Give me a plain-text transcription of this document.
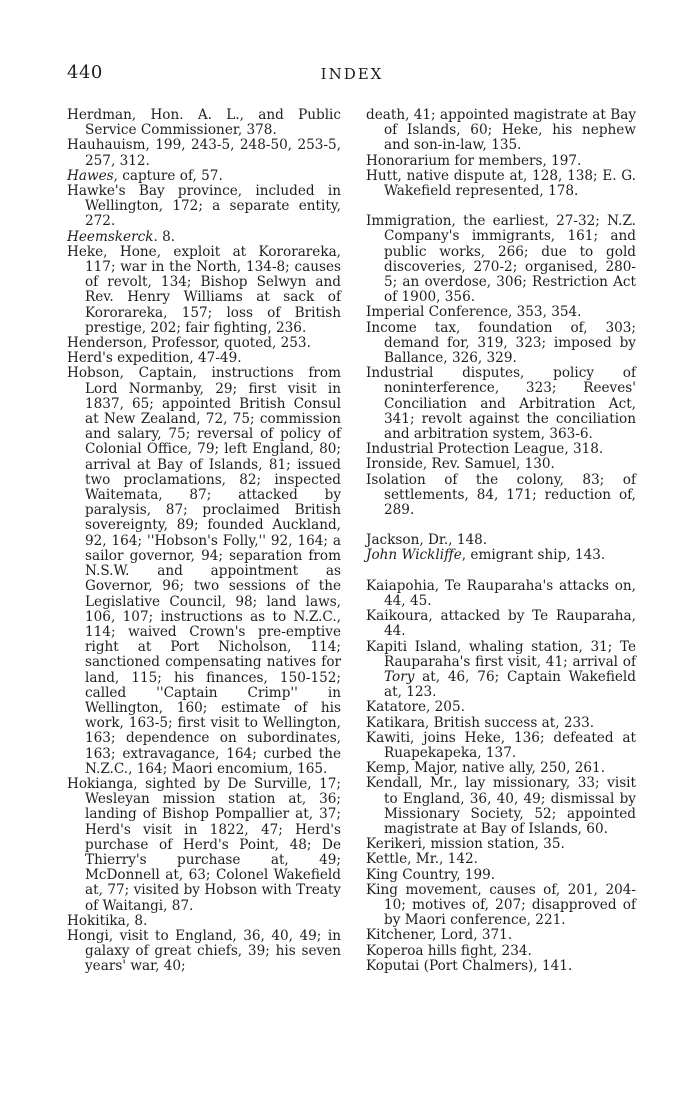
440	INDEX
Herdman, Hon. A. L., and Public Service Commissioner, 378.
Hauhauism, 199, 243-5, 248-50, 253-5, 257, 312.
Hawes, capture of, 57.
Hawke's Bay province, included in Wellington, 172; a separate entity, 272.
Heemskerck. 8.
Heke, Hone, exploit at Kororareka, 117; war in the North, 134-8; causes of revolt, 134; Bishop Selwyn and Rev. Henry Williams at sack of Kororareka, 157; loss of British prestige, 202; fair fighting, 236.
Henderson, Professor, quoted, 253.
Herd's expedition, 47-49.
Hobson, Captain, instructions from Lord Normanby, 29; first visit in 1837, 65; appointed British Consul at New Zealand, 72, 75; commission and salary, 75; reversal of policy of Colonial Office, 79; left England, 80; arrival at Bay of Islands, 81; issued two proclamations, 82; inspected Waitemata, 87; attacked by paralysis, 87; proclaimed British sovereignty, 89; founded Auckland, 92, 164; ''Hobson's Folly,'' 92, 164; a sailor governor, 94; separation from N.S.W. and appointment as Governor, 96; two sessions of the Legislative Council, 98; land laws, 106, 107; instructions as to N.Z.C., 114; waived Crown's pre-emptive right at Port Nicholson, 114; sanctioned compensating natives for land, 115; his finances, 150-152; called ''Captain Crimp'' in Wellington, 160; estimate of his work, 163-5; first visit to Wellington, 163; dependence on subordinates, 163; extravagance, 164; curbed the N.Z.C., 164; Maori encomium, 165.
Hokianga, sighted by De Surville, 17; Wesleyan mission station at, 36; landing of Bishop Pompallier at, 37; Herd's visit in 1822, 47; Herd's purchase of Herd's Point, 48; De Thierry's purchase at, 49; McDonnell at, 63; Colonel Wakefield at, 77; visited by Hobson with Treaty of Waitangi, 87.
Hokitika, 8.
Hongi, visit to England, 36, 40, 49; in galaxy of great chiefs, 39; his seven years' war, 40;
death, 41; appointed magistrate at Bay of Islands, 60; Heke, his nephew and son-in-law, 135.
Honorarium for members, 197.
Hutt, native dispute at, 128, 138; E. G. Wakefield represented, 178.
Immigration, the earliest, 27-32; N.Z. Company's immigrants, 161; and public works, 266; due to gold discoveries, 270-2; organised, 280-5; an overdose, 306; Restriction Act of 1900, 356.
Imperial Conference, 353, 354.
Income tax, foundation of, 303; demand for, 319, 323; imposed by Ballance, 326, 329.
Industrial disputes, policy of noninterference, 323; Reeves' Conciliation and Arbitration Act, 341; revolt against the conciliation and arbitration system, 363-6.
Industrial Protection League, 318.
Ironside, Rev. Samuel, 130.
Isolation of the colony, 83; of settlements, 84, 171; reduction of, 289.
Jackson, Dr., 148.
John Wickliffe, emigrant ship, 143.
Kaiapohia, Te Rauparaha's attacks on, 44, 45.
Kaikoura, attacked by Te Rauparaha, 44.
Kapiti Island, whaling station, 31; Te Rauparaha's first visit, 41; arrival of Tory at, 46, 76; Captain Wakefield at, 123.
Katatore, 205.
Katikara, British success at, 233.
Kawiti, joins Heke, 136; defeated at Ruapekapeka, 137.
Kemp, Major, native ally, 250, 261.
Kendall, Mr., lay missionary, 33; visit to England, 36, 40, 49; dismissal by Missionary Society, 52; appointed magistrate at Bay of Islands, 60.
Kerikeri, mission station, 35.
Kettle, Mr., 142.
King Country, 199.
King movement, causes of, 201, 204-10; motives of, 207; disapproved of by Maori conference, 221.
Kitchener, Lord, 371.
Koperoa hills fight, 234.
Koputai (Port Chalmers), 141.
